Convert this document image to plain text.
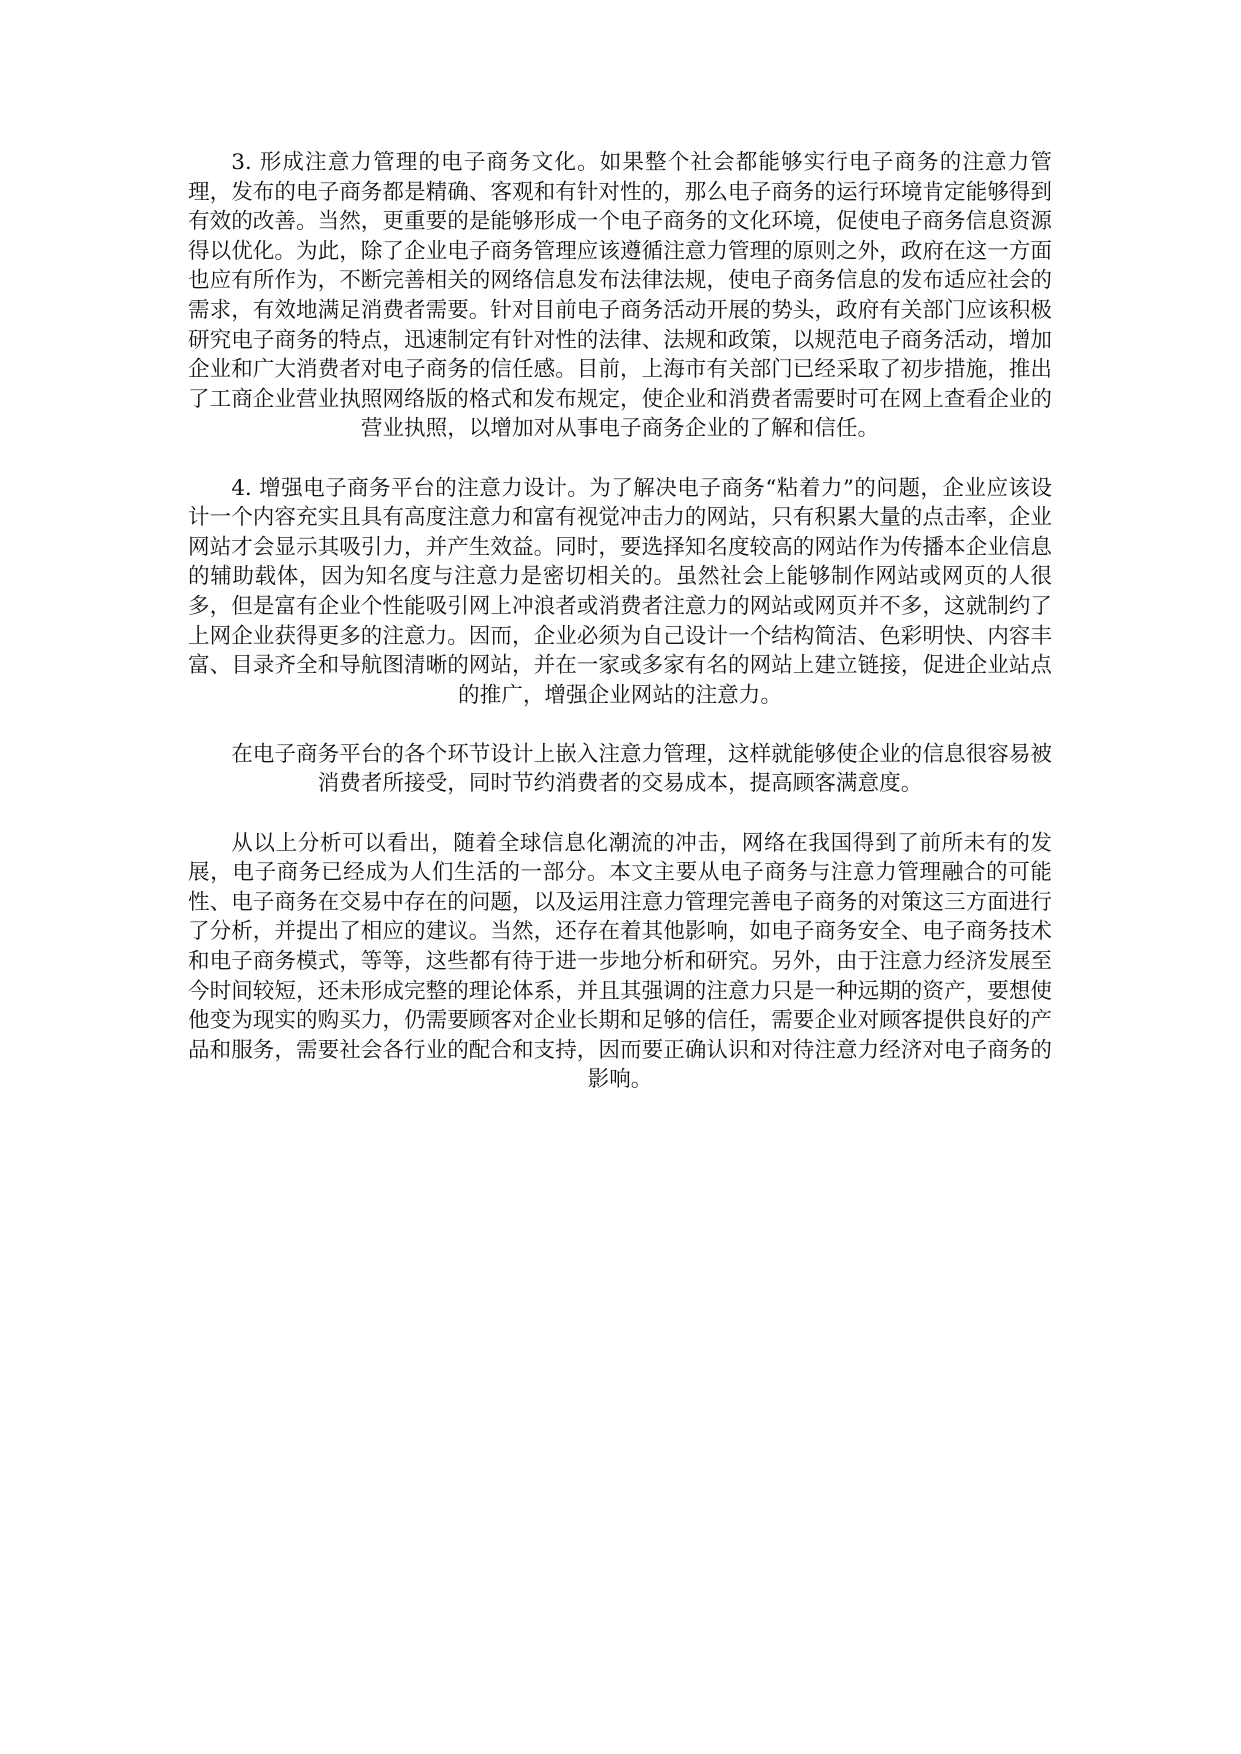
3. 形成注意力管理的电子商务文化。如果整个社会都能够实行电子商务的注意力管理，发布的电子商务都是精确、客观和有针对性的，那么电子商务的运行环境肯定能够得到有效的改善。当然，更重要的是能够形成一个电子商务的文化环境，促使电子商务信息资源得以优化。为此，除了企业电子商务管理应该遵循注意力管理的原则之外，政府在这一方面也应有所作为，不断完善相关的网络信息发布法律法规，使电子商务信息的发布适应社会的需求，有效地满足消费者需要。针对目前电子商务活动开展的势头，政府有关部门应该积极研究电子商务的特点，迅速制定有针对性的法律、法规和政策，以规范电子商务活动，增加企业和广大消费者对电子商务的信任感。目前，上海市有关部门已经采取了初步措施，推出了工商企业营业执照网络版的格式和发布规定，使企业和消费者需要时可在网上查看企业的营业执照，以增加对从事电子商务企业的了解和信任。

4. 增强电子商务平台的注意力设计。为了解决电子商务“粘着力”的问题，企业应该设计一个内容充实且具有高度注意力和富有视觉冲击力的网站，只有积累大量的点击率，企业网站才会显示其吸引力，并产生效益。同时，要选择知名度较高的网站作为传播本企业信息的辅助载体，因为知名度与注意力是密切相关的。虽然社会上能够制作网站或网页的人很多，但是富有企业个性能吸引网上冲浪者或消费者注意力的网站或网页并不多，这就制约了上网企业获得更多的注意力。因而，企业必须为自己设计一个结构简洁、色彩明快、内容丰富、目录齐全和导航图清晰的网站，并在一家或多家有名的网站上建立链接，促进企业站点的推广，增强企业网站的注意力。

在电子商务平台的各个环节设计上嵌入注意力管理，这样就能够使企业的信息很容易被消费者所接受，同时节约消费者的交易成本，提高顾客满意度。

从以上分析可以看出，随着全球信息化潮流的冲击，网络在我国得到了前所未有的发展，电子商务已经成为人们生活的一部分。本文主要从电子商务与注意力管理融合的可能性、电子商务在交易中存在的问题，以及运用注意力管理完善电子商务的对策这三方面进行了分析，并提出了相应的建议。当然，还存在着其他影响，如电子商务安全、电子商务技术和电子商务模式，等等，这些都有待于进一步地分析和研究。另外，由于注意力经济发展至今时间较短，还未形成完整的理论体系，并且其强调的注意力只是一种远期的资产，要想使他变为现实的购买力，仍需要顾客对企业长期和足够的信任，需要企业对顾客提供良好的产品和服务，需要社会各行业的配合和支持，因而要正确认识和对待注意力经济对电子商务的影响。
